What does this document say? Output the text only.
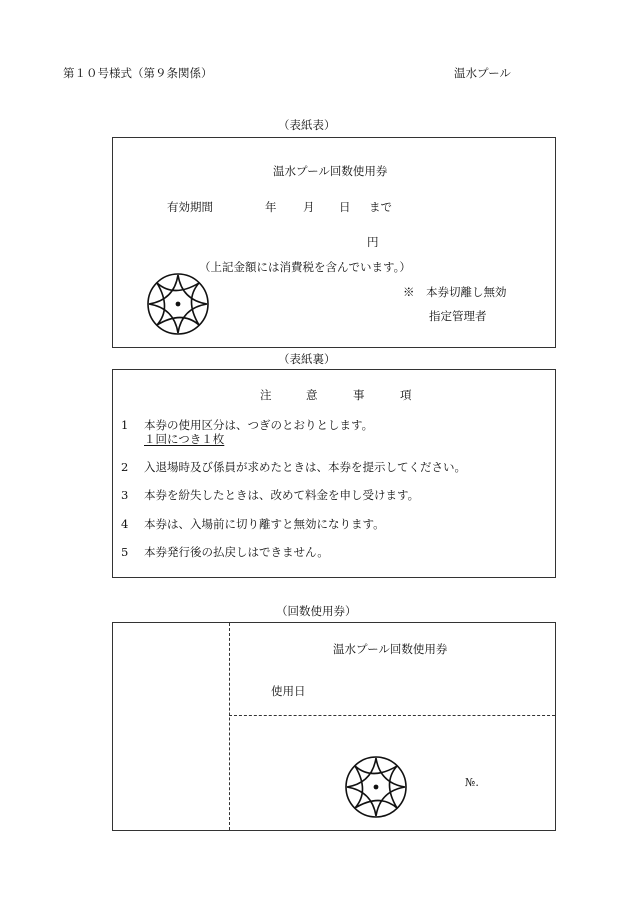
第１０号様式（第９条関係）	温水プール
（表紙表）
温水プール回数使用券
有効期間	年 月 日 まで
円
（上記金額には消費税を含んでいます。）
※　本券切離し無効
指定管理者
（表紙裏）
注	意	事	項
1 本券の使用区分は、つぎのとおりとします。
１回につき１枚
2 入退場時及び係員が求めたときは、本券を提示してください。
3 本券を紛失したときは、改めて料金を申し受けます。
4 本券は、入場前に切り離すと無効になります。
5 本券発行後の払戻しはできません。
（回数使用券）
温水プール回数使用券
使用日
№.
